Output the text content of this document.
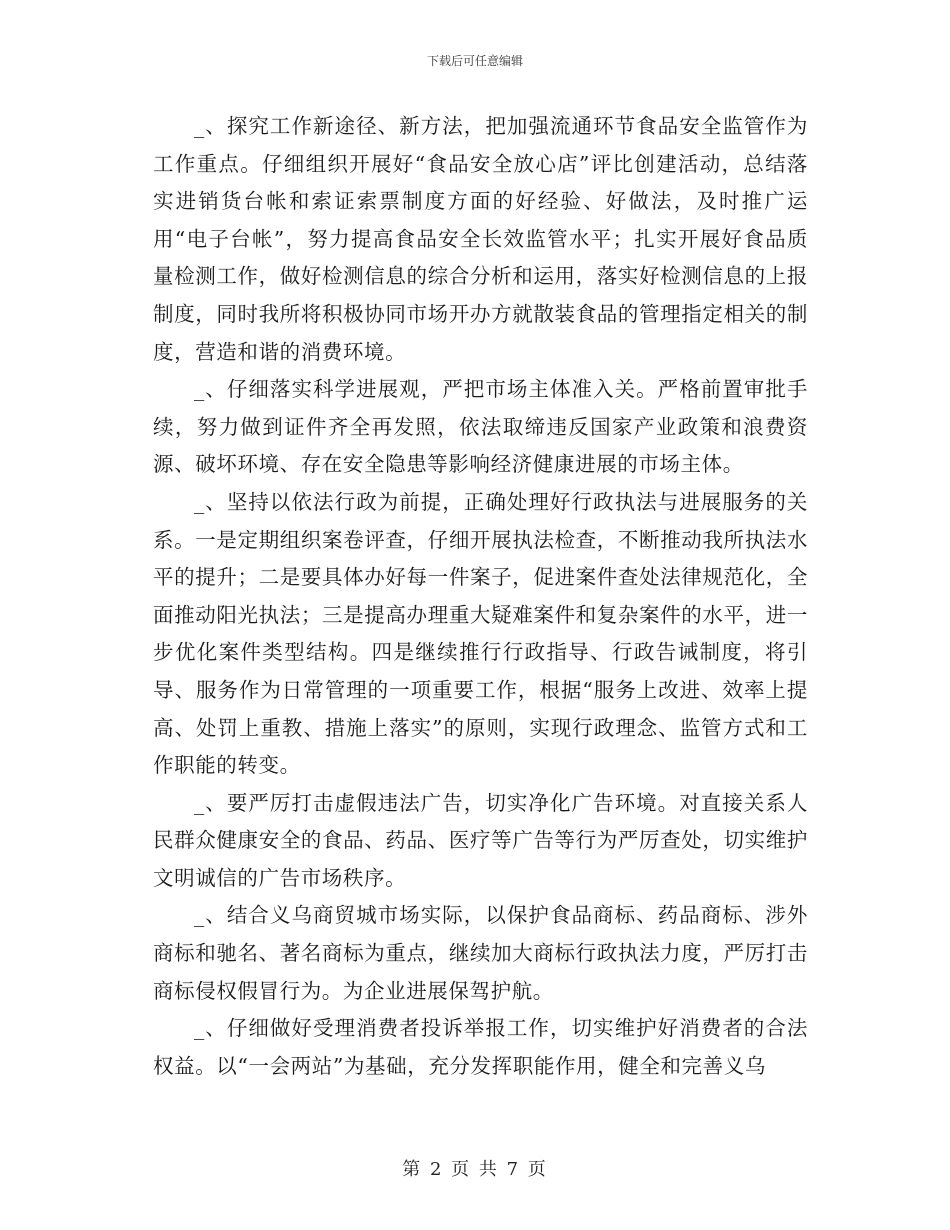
下载后可任意编辑

_、探究工作新途径、新方法，把加强流通环节食品安全监管作为工作重点。仔细组织开展好“食品安全放心店”评比创建活动，总结落实进销货台帐和索证索票制度方面的好经验、好做法，及时推广运用“电子台帐”，努力提高食品安全长效监管水平；扎实开展好食品质量检测工作，做好检测信息的综合分析和运用，落实好检测信息的上报制度，同时我所将积极协同市场开办方就散装食品的管理指定相关的制度，营造和谐的消费环境。

_、仔细落实科学进展观，严把市场主体准入关。严格前置审批手续，努力做到证件齐全再发照，依法取缔违反国家产业政策和浪费资源、破坏环境、存在安全隐患等影响经济健康进展的市场主体。

_、坚持以依法行政为前提，正确处理好行政执法与进展服务的关系。一是定期组织案卷评查，仔细开展执法检查，不断推动我所执法水平的提升；二是要具体办好每一件案子，促进案件查处法律规范化，全面推动阳光执法；三是提高办理重大疑难案件和复杂案件的水平，进一步优化案件类型结构。四是继续推行行政指导、行政告诫制度，将引导、服务作为日常管理的一项重要工作，根据“服务上改进、效率上提高、处罚上重教、措施上落实”的原则，实现行政理念、监管方式和工作职能的转变。

_、要严厉打击虚假违法广告，切实净化广告环境。对直接关系人民群众健康安全的食品、药品、医疗等广告等行为严厉查处，切实维护文明诚信的广告市场秩序。

_、结合义乌商贸城市场实际，以保护食品商标、药品商标、涉外商标和驰名、著名商标为重点，继续加大商标行政执法力度，严厉打击商标侵权假冒行为。为企业进展保驾护航。

_、仔细做好受理消费者投诉举报工作，切实维护好消费者的合法权益。以“一会两站”为基础，充分发挥职能作用，健全和完善义乌

第 2 页 共 7 页
